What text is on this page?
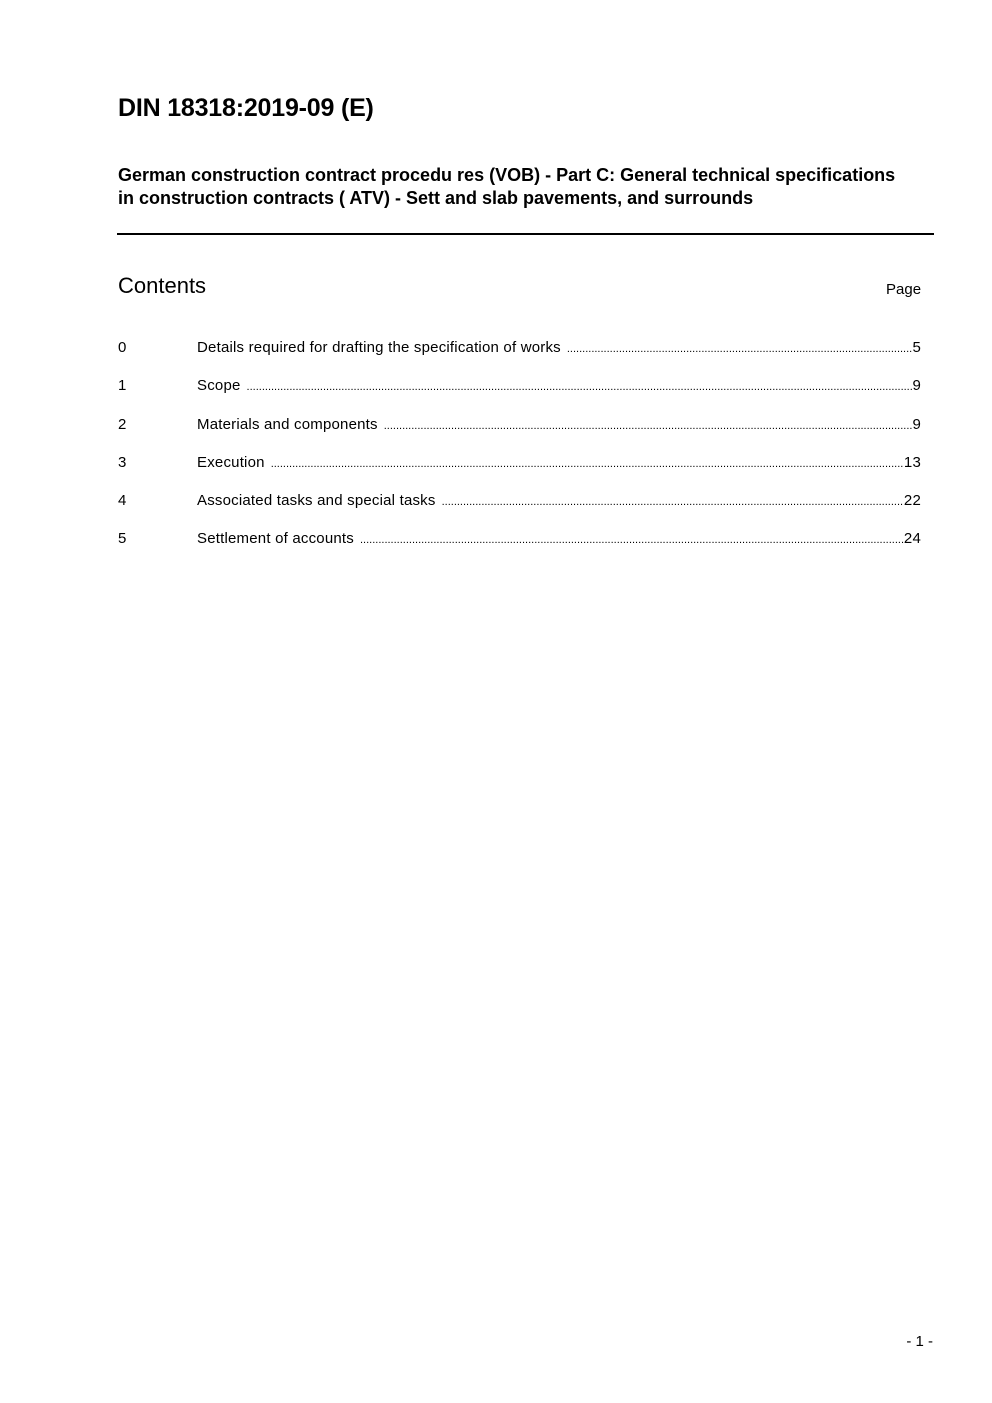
DIN 18318:2019-09 (E)
German construction contract procedu res (VOB) - Part C: General technical specifications in construction contracts ( ATV) - Sett and slab pavements, and surrounds
Contents	Page
0	Details required for drafting the specification of works .....	5
1	Scope .....	9
2	Materials and components .....	9
3	Execution .....	13
4	Associated tasks and special tasks .....	22
5	Settlement of accounts .....	24
- 1 -
